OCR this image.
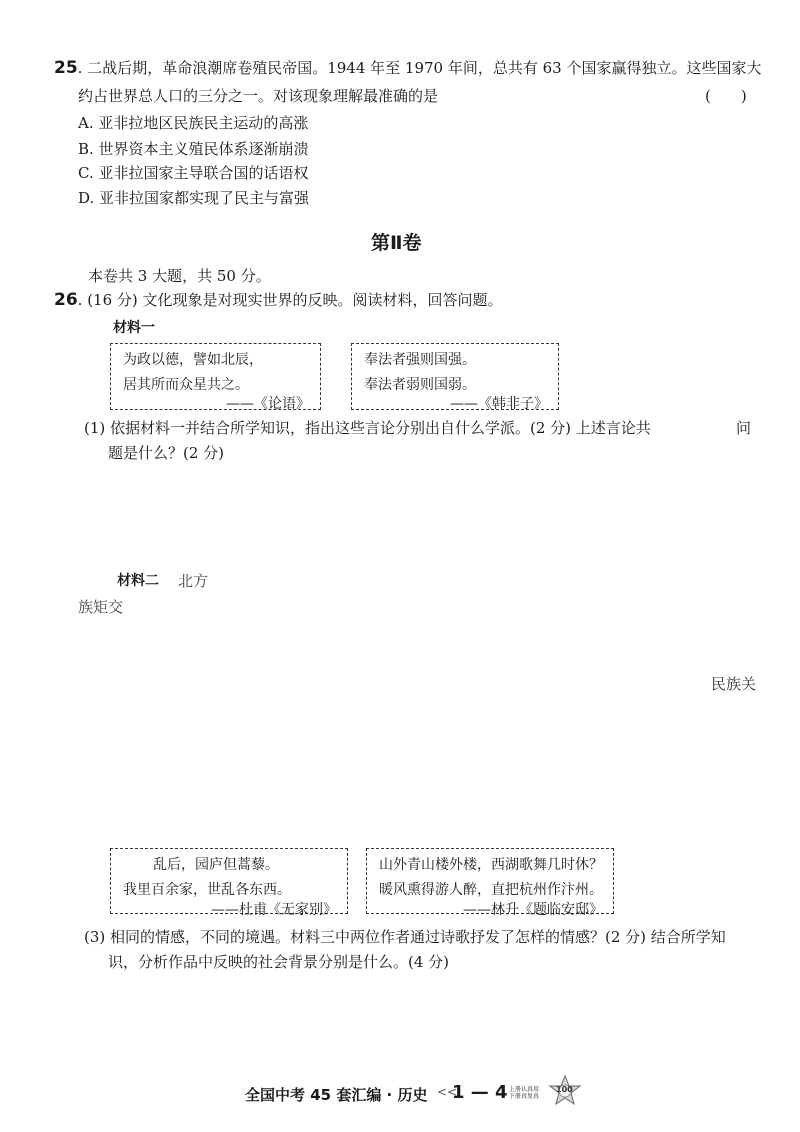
25. 二战后期，革命浪潮席卷殖民帝国。1944 年至 1970 年间，总共有 63 个国家赢得独立。这些国家大
约占世界总人口的三分之一。对该现象理解最准确的是	(　　)
A. 亚非拉地区民族民主运动的高涨
B. 世界资本主义殖民体系逐渐崩溃
C. 亚非拉国家主导联合国的话语权
D. 亚非拉国家都实现了民主与富强
第Ⅱ卷
本卷共 3 大题，共 50 分。
26. (16 分) 文化现象是对现实世界的反映。阅读材料，回答问题。
材料一
为政以德，譬如北辰，
居其所而众星共之。
——《论语》
奉法者强则国强。
奉法者弱则国弱。
——《韩非子》
(1) 依据材料一并结合所学知识，指出这些言论分别出自什么学派。(2 分) 上述言论共	问
题是什么？(2 分)
材料二 北方
族矩交
民族关
乱后，园庐但蒿藜。
我里百余家，世乱各东西。
——杜甫《无家别》
山外青山楼外楼，西湖歌舞几时休？
暖风熏得游人醉，直把杭州作汴州。
——林升《题临安邸》
(3) 相同的情感，不同的境遇。材料三中两位作者通过诗歌抒发了怎样的情感？(2 分) 结合所学知
识，分析作品中反映的社会背景分别是什么。(4 分)
全国中考 45 套汇编 · 历史 <<
1 — 4 上册认真用
下册真复真
100
